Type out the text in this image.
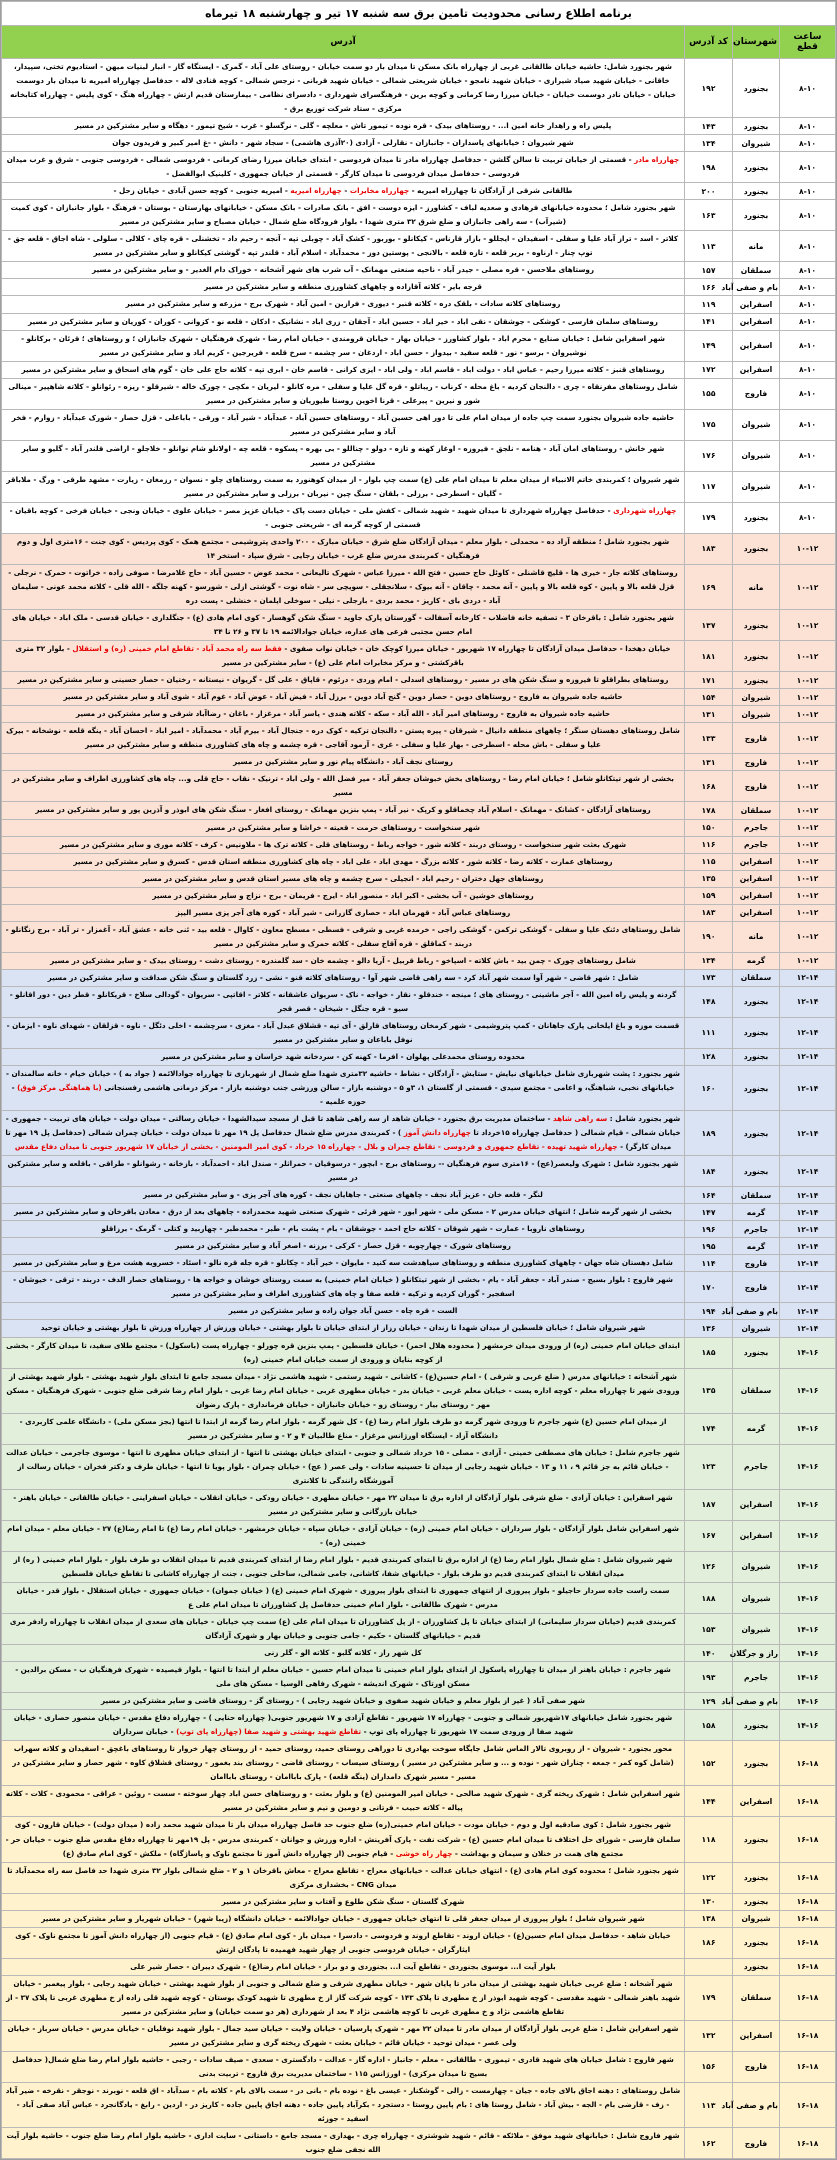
برنامه اطلاع رسانی محدودیت تامین برق سه شنبه ۱۷ تیر و چهارشنبه ۱۸ تیرماه			
ساعت قطع	شهرستان	کد آدرس	آدرس
۸-۱۰	بجنورد	۱۹۲	شهر بجنورد شامل: حاشیه خیابان طالقانی غربی از چهارراه بانک مسکن تا میدان بار دو سمت خیابان - روستای علی آباد - گمرک - ایستگاه گاز - انبار لبنیات میهن - استادیوم تختی، سپیدار، خاقانی - خیابان شهید صیاد شیرازی - خیابان شهید نامجو - خیابان شریعتی شمالی - خیابان شهید قربانی - نرجس شمالی - کوچه قنادی لاله - حدفاصل چهارراه امیریه تا میدان بار دوسمت خیابان - خیابان نادر دوسمت خیابان - خیابان میرزا رضا کرمانی و کوچه برین - فرهنگسرای شهرداری - دادسرای نظامی - بیمارستان قدیم ارتش - چهارراه هنگ - کوی پلیس - چهارراه کتابخانه مرکزی - ستاد شرکت توزیع برق -
۸-۱۰	بجنورد	۱۴۳	پلیس راه و راهدار خانه امین ا... - روستاهای بیدک - قره نوده - تیمور تاش - معلچه - گلی - نرگسلو - غرب - شیخ تیمور - دهگاه و سایر مشترکین در مسیر
۸-۱۰	شیروان	۱۳۴	شهر شیروان : خیابانهای پاسداران - جانبازان - نقارلی - آزادی (۲۰آذری هاشمی) - سجاد شهر - دانش - -غ امیر کبیر و فریدون جوان
۸-۱۰	بجنورد	۱۹۸	چهارراه مادر - قسمتی از خیابان تربیت تا سالن گلشن - حدفاصل چهارراه مادر تا میدان فردوسی - ابتدای خیابان میرزا رضای کرمانی - فردوسی شمالی - فردوسی جنوبی - شرق و غرب میدان فردوسی - حدفاصل میدان فردوسی تا میدان کارگر - قسمتی از خیابان جمهوری - کلینیک ابوالفضل -
۸-۱۰	بجنورد	۲۰۰	طالقانی شرقی از آزادگان تا چهارراه امیریه - چهارراه مخابرات - چهارراه امیریه - امیریه جنوبی - کوچه حسن آبادی - خیابان زحل -
۸-۱۰	بجنورد	۱۶۳	شهر بجنورد شامل ؛ محدوده خیابانهای فرهادی و صعدیه لباف - کشاورز - ایزه دوست - افق - بانک صادرات - بانک مسکن - خیابانهای بهارستان - بوستان - فرهنگ - بلوار جانبازان - کوی کمیت (شیرآب) - سه راهی جانبازان و ضلع شرق ۳۲ متری شهدا - بلوار فرودگاه ضلع شمال - خیابان مصباح و سایر مشترکین در مسیر
۸-۱۰	مانه	۱۱۳	کلاتر - اسد - تراز آباد علیا و سفلی - اسفیدان - ایجللو - بازار قارناس - کیکانلو - بوربور - کشک آباد - چوبلی تپه - آنجه - رحیم داد - تخشنلی - قره چای - کلالی - سلولی - شاه اجاق - قلعه جق - توپ چنار - ارناوه - بربر قلعه - تازه قلعه - بالانجی - پوستین دوز - محمدآباد - اسلام آباد - قلندر تپه - گوشتی کیکانلو و سایر مشترکین در مسیر
۸-۱۰	سملقان	۱۵۷	روستاهای ملاحسن - قره مصلی - جیدر آباد - ناحیه صنعتی مهمانک - آب شرب های شهر آشخانه - خوراک دام الغدیر - و سایر مشترکین در مسیر
۸-۱۰	بام و صفی آباد	۱۶۶	قرجه بایر - کلاته آقازاده و چاههای کشاورزی منطقه و سایر مشترکین در مسیر
۸-۱۰	اسفراین	۱۱۹	روستاهای کلاته سادات - بلقک دره - کلاته قنبر - دیوری - فرازین - امین آباد - شهرک برج - مزرعه و سایر مشترکین در مسیر
۸-۱۰	اسفراین	۱۴۱	روستاهای سلمان فارسی - کوشکی - جوشقان - نقی اباد - خیر اباد - حسین اباد - آجقان - زری اباد - نشانیک - ادکان - قلعه نو - کزوانی - کوران - کوریان و سایر مشترکین در مسیر
۸-۱۰	اسفراین	۱۴۹	شهر اسفراین شامل : خیابان صنایع - محرم اباد - بلوار کشاورز - خیابان بهار - خیابان قرومندی - خیابان امام رضا - شهرک فرهنگیان - شهرک جانبازان ؛ و روستاهای ؛ قرئان - برکانلو - نوشیروان - برسو - نور - قلعه سفید - بیدواز - حسن اباد - اردغان - سر چشمه - سرخ قلعه - فریرجین - کریم اباد و سایر مشترکین در مسیر
۸-۱۰	اسفراین	۱۷۲	روستاهای قنبز - کلاته میرزا رحیم - عباس اباد - دولت اباد - قاسم اباد - ولی اباد - ایزی کرانی - قاسم خان - ابری تپه - کلاته حاج علی خان - گوم های اسحاق و سایر مشترکین در مسیر
۸-۱۰	فاروج	۱۵۵	شامل روستاهای مفرنقاه - چری - دالنجان کردیه - باغ محله - کرناب - ریباتلو - قره گل علیا و سفلی - مره کانلو - لیریان - مکچی - چورک خاله - شیرقلو - ریزه - رئوانلو - کلاته شاهپیر - مینالی شور و نیرین - پیرعلی - قرنا اخوین روستا طیوریان و سایر مشترکین در مسیر
۸-۱۰	شیروان	۱۷۵	حاشیه جاده شیروان بجنورد سمت چپ جاده از میدان امام علی تا دور اهی حسین آباد - روستاهای حسین آباد - عبدآباد - شیر آباد - ورقی - باباعلی - قزل حصار - شورک عبدآباد - زوارم - فخر آباد و سایر مشترکین در مسیر
۸-۱۰	شیروان	۱۷۶	شهر خانش - روستاهای امان آباد - هنامه - نلجق - فیروزه - اوغاز کهنه و تازه - دولو - چناللو - بی بهره - پسکوه - قلعه چه - اولانلو شام نوانلو - خلاجلو - اراضی قلندر آباد - گلیو و سایر مشترکین در مسیر
۸-۱۰	شیروان	۱۱۷	شهر شیروان ؛ کمربندی خاتم الانبیاء از میدان معلم تا میدان امام علی (ع) سمت چپ بلوار - از میدان کوهنورد به سمت روستاهای چلو - نسوان - رزمغان - زیارت - مشهد طرقی - ورگ - ملاباقر - گلیان - اسطرخی - برزلی - بلقان - سنگ چین - نیربان - برزلی و سایر مشترکین در مسیر
۸-۱۰	بجنورد	۱۷۹	چهارراه شهرداری - حدفاصل چهارراه شهرداری تا میدان شهید - شهید شمالی - کفش ملی - خیابان دست پاک - خیابان عزیز مصر - خیابان علوی - خیابان ونجی - خیابان فرخی - کوچه باقیان - قسمتی از کوچه گرمه ای - شریعتی جنوبی -
۱۰-۱۲	بجنورد	۱۸۳	شهر بجنورد شامل ؛ منطقه آزاد ده - محمدلی - بلوار معلم - میدان آزادگان ضلع شرق - خیابان مبارک - ۲۰۰ واحدی پتروشیمی - مجتمع همک - کوی پردیس - کوی جنت - ۱۶متری اول و دوم فرهنگیان - کمربندی مدرس ضلع غرب - خیابان رجایی - شرق سپاد - استخر ۱۴
۱۰-۱۲	مانه	۱۶۹	روستاهای کلاته جار - خیری ها - قلیچ قاشنلی - کاوئل حاج حسین - فتح الله - میرزا عباس - شهرک تالیعانی - محمد عوض - حسین آباد - حاج غلامرضا - صوفی زاده - خراتوت - حمرک - نرجلی - قزل قلعه بالا و پایین - کوه قلعه بالا و پایین - آنه محمد - چاقان - آنه بیوک - سلانجقلی - سویچی سر - شاه نوت - گوشتی ازلی - شورسو - کهنه جلگه - الله قلی - کلاته محمد عونی - سلیمان آباد - دردی بای - کاریز - محمد بردی - بارجلی - نیلی - سوخلی ایلمان - خنشلی - پست دره
۱۰-۱۲	بجنورد	۱۳۷	شهر بجنورد شامل : باقرخان ۳ - تصفیه خانه فاضلاب - کارخانه آسفالت - گورستان پارک جاوید - سنگ شکن گوهسار - کوی امام هادی (ع) - جنگلداری - خیابان قدسی - ملک اباد - خیابان های امام حسن مجتبی فرعی های عداره، خیابان جوادالائمه ۱۹ تا ۳۷ و ۲۶ تا ۳۴
۱۰-۱۲	بجنورد	۱۸۱	خیابان دهخدا - حدفاصل میدان آزادگان تا چهارراه ۱۷ شهریور - خیابان میرزا کوچک خان - خیابان نواب صفوی - فقط سه راه محمد آباد - تقاطع امام خمینی (ره) و استقلال - بلوار ۳۲ متری باقرکشتی - و مرکز مخابرات امام علی (ع) - سایر مشترکین در مسیر
۱۰-۱۲	بجنورد	۱۷۱	روستاهای بطراقلو تا فیروزه و سنگ شکن های در مسیر - روستاهای اسدلی - امام وردی - درئوم - قاپاق - علی گل - گریوان - نیستانه - رختیان - حصار حسینی و سایر مشترکین در مسیر
۱۰-۱۲	شیروان	۱۵۴	حاشیه جاده شیروان به فاروج - روستاهای دوین - حصار دوین - گنج آباد دوین - برزل آباد - فیض آباد - عوض آباد - غوم آباد - شوی آباد و سایر مشترکین در مسیر
۱۰-۱۲	شیروان	۱۳۱	حاشیه جاده شیروان به فاروج - روستاهای امیر آباد - الله آباد - سکه - کلاته هندی - یاسر آباد - مرغزار - باغان - رضاآباد شرقی و سایر مشترکین در مسیر
۱۰-۱۲	فاروج	۱۳۳	شامل روستاهای دهستان سنگر ؛ چاههای منطقه دانیال - شیرقان - پیره پستن - دالنجان ترکیه - کوک دره - جنجال آباد - بیرم آباد - محمدآباد - امیر اباد - احسان آباد - ینگه قلعه - نوشخانه - بیرک علیا و سفلی - باش محله - اسطرخی - بهار علیا و سفلی - غری - آرمود آقاجی - قره چشمه و چاه های کشاورزی منطقه و سایر مشترکین در مسیر
۱۰-۱۲	فاروج	۱۳۱	روستای نجف آباد - دانشگاه پیام نور و سایر مشترکین در مسیر
۱۰-۱۲	فاروج	۱۶۸	بخشی از شهر تیتکانلو شامل ؛ خیابان امام رضا - روستاهای بخش خبوشان جعفر آباد - میر فضل الله - ولی اباد - ترنیک - نقاب - حاج قلی و... چاه های کشاورزی اطراف و سایر مشترکین در مسیر
۱۰-۱۲	سملقان	۱۷۸	روستاهای آزادگان - کشانک - مهمانک - اسلام آباد چخماقلو و کرپک - نیر آباد - پمپ بنزین مهمانک - روستای افغار - سنگ شکن های ابوذر و آذرین پور و سایر مشترکین در مسیر
۱۰-۱۲	جاجرم	۱۵۰	شهر سنخواست - روستاهای حرمت - قعیته - خراشا و سایر مشترکین در مسیر
۱۰-۱۲	جاجرم	۱۱۶	شهرک بعثت شهر سنخواست - روستای دربند - کلاته شور - خواجه رباط - روستاهای قلی - کلاته ترک ها - ملاونیس - کرف - کلاته موری و سایر مشترکین در مسیر
۱۰-۱۲	اسفراین	۱۱۵	روستاهای عمارت - کلاته رضا - کلاته شور - کلاته بزرگ - مهدی اباد - علی اباد - چاه های کشاورزی منطقه استان قدس - کسرق و سایر مشترکین در مسیر
۱۰-۱۲	اسفراین	۱۳۵	روستاهای جهل دختران - رحیم اباد - انجیلی - سرخ چشمه و چاه های مسیر استان قدس و سایر مشترکین در مسیر
۱۰-۱۲	اسفراین	۱۵۹	روستاهای خوشین - آب بخشی - اکبر اباد - منصور اباد - ایرج - فریمان - برج - نزاج و سایر مشترکین در مسیر
۱۰-۱۲	اسفراین	۱۸۳	روستاهای عباس آباد - قهرمان اباد - حصاری گازرانی - شیر آباد - کوره های آجر پزی مسیر الیپز
۱۰-۱۲	مانه	۱۹۰	شامل روستاهای دئنک علیا و سفلی - گوشکی ترکمن - گوشکی راجی - خرمده غربی و شرقی - فسطی - مسطح معاون - کاوال - قلعه بید - ئنی خانه - عشق آباد - آغمزار - تر آباد - برج زنگانلو - دربند - کماقلق - قره آقاج سفلی - کلاته حمرک و سایر مشترکین در مسیر
۱۰-۱۲	گرمه	۱۳۴	شامل روستاهای چورک - چمن بید - باش کلاته - اسپاخو - رباط قربیل - آریا دالو - چشمه خان - سد گلمندره - روستای دشت - روستای بیدک - و سایر مشترکین در مسیر
۱۲-۱۴	سملقان	۱۷۳	شامل : شهر قاضی - شهر آوا سمت شهر آباد کرد - سه راهی قاضی شهر آوا - روستاهای کلاته قنو - نشی - زرد گلستان و سنگ شکن صداقت و سایر مشترکین در مسیر
۱۲-۱۴	بجنورد	۱۴۸	گردنه و پلیس راه امین الله - آجر ماشینی - روستای های ؛ مینجه - خندقلو - نقار - خواجه - ناک - سریوان عاشقانه - کلاتر - اقاتپی - سریوان - گودالی سلاخ - قریکانلو - قطر دین - دور اقانلو - سیو - قره جنگل - شیخان - قصر قجر
۱۲-۱۴	بجنورد	۱۱۱	قسمت موزه و باغ ایلخانی پارک جاهانان - کمپ پتروشیمی - شهر کرمخان روستاهای قارلق - آی تپه - قشلاق عبدل آباد - مغزی - سرچشمه - اخلی دئگل - ناوه - قزلقان - شهدای ناوه - ایزمان - نوفل باباعان و سایر مشترکین در مسیر
۱۲-۱۴	بجنورد	۱۲۸	محدوده روستای محمدعلی پهلوان - افرما - کهنه کن - سردخانه شهد خراسان و سایر مشترکین در مسیر
۱۲-۱۴	بجنورد	۱۶۰	شهر بجنورد : پشت شهربازی شامل خیابانهای نیایش - ستایش - آزادگان - نشاط - حاشیه ۳۲متری شهدا ضلع شمال از شهربازی تا چهارراه جوادالائمه ( جواد به ) - خیابان خیام - خانه سالمندان - خیابانهای نخبی، شباهنگ، و اعامی - مجتمع سیدی - قسمتی از گلستان ۱، ۳و ۵ - دوشنبه بازار - سالن ورزشی جنب دوشنبه بازار - مرکز درمانی هاشمی رفسنجانی (با هماهنگی مرکز فوق) - حوزه علمیه -
۱۲-۱۴	بجنورد	۱۸۹	شهر بجنورد شامل : سه راهی شاهد - ساختمان مدیریت برق بجنورد - خیابان شاهد از سه راهی شاهد تا قبل از مسجد سیدالشهدا - خیابان رسالتی - میدان دولت - خیابان های تربیت - جمهوری - خیابان شمالی - قیام شمالی ( حدفاصل چهارراه ۱۵خرداد تا چهارراه دانش آموز ) - کمربندی مدرس ضلع شمال حدفاصل پل ۱۹ مهر تا میدان دولت - خیابان چمران شمالی (حدفاصل پل ۱۹ مهر تا میدان کارگر) - چهارراه شهید تهیده - تقاطع جمهوری و فردوسی - تقاطع چمران و بلال - چهارراه ۱۵ خرداد - کوی امیر المومنین - بخشی از خیابان ۱۷ شهریور جنوبی تا میدان دفاع مقدس
۱۲-۱۴	بجنورد	۱۸۴	شهر بجنورد شامل : شهرک ولیعصر(عج) - ۱۶متری سوم فرهنگیان -- روستاهای برج - ابچور - درسوقیان - حمراثلر - صندل اباد - احمدآباد - بازخانه - رشوانلو - طراقی - باقلعه و سایر مشترکین در مسیر
۱۲-۱۴	سملقان	۱۶۴	لنگر - قلعه خان - عزیز آباد نجف - چاههای صنعتی - جاهایان نجف - کوره های آجر پزی - و سایر مشترکین در مسیر
۱۲-۱۴	گرمه	۱۴۷	بخشی از شهر گرمه شامل ؛ انتهای خیابان مدرس ۲ - مسکن ملی - شهر ایور - شهر قرئی - شهرک صنعتی شهید محمدزاده - چاههای بعد از درق - معادن باقرخان و سایر مشترکین در مسیر
۱۲-۱۴	جاجرم	۱۹۶	روستاهای ناروبا - عمارت - شهر شوقان - کلاته حاج احمد - جوشقان - بام - پشت بام - طبر - محمدطبر - چهاربید و کتلی - گرمک - برزاقلو
۱۲-۱۴	گرمه	۱۹۵	روستاهای شورک - چهارچوبه - قزل حصار - کرکی - برزنه - اصغر آباد و سایر مشترکین در مسیر
۱۲-۱۴	فاروج	۱۱۴	شامل دهستان شاه جهان - چاههای کشاورزی منطقه و روستاهای سیاهدشت سه کنید - مایوان - خیر آباد - چکانلو - قره جله قره نالو - اسئاد - خسرویه هشت مرغ و سایر مشترکین در مسیر
۱۲-۱۴	فاروج	۱۷۰	شهر فاروج : بلوار بسیج - صندر آباد - جعفر آباد - یام - بخشی از شهر تیتکانلو ( خیابان امام خمینی) به سمت روستای خوشان و خواجه ها - روستاهای حصار الدف - دربند - ترقی - خیوشان - اسفجیر - گوران کردیه و ترکیه - قلعه صفا و چاه های کشاورزی اطراف و سایر مشترکین در مسیر
۱۲-۱۴	بام و صفی آباد	۱۹۴	الست - قره چاه - حسن آباد جوان زاده و سایر مشترکین در مسیر
۱۲-۱۴	شیروان	۱۳۶	شهر شیروان شامل ؛ خیابان فلسطین از میدان شهدا تا زندان - خیابان رزاز از ابتدای خیابان تا بلوار بهشتی - خیابان ورزش از چهارراه ورزش تا بلوار بهشتی و خیابان توحید
۱۴-۱۶	بجنورد	۱۸۵	ابتدای خیابان امام خمینی (ره) از ورودی میدان خرمشهر ( محدوده هلال احمر) - خیابان فلسطین - پمپ بنزین قره چورلو - چهارراه پست (باسکول) - مجتمع طلای سفید، تا میدان کارگر - بخشی از کوچه بنایان و ورودی از سمت خیابان امام خمینی (ره)
۱۴-۱۶	سملقان	۱۳۵	شهر آشخانه : خیابانهای مدرس ( ضلع غربی و شرقی ) - امام حسین(ع) - کاشانی - شهید رستمی - شهید هاشمی نژاد - میدان مسجد جامع تا ابتدای بلوار شهید بهشتی - بلوار شهید بهشتی از ورودی شهر تا چهارراه معلم - کوچه اداره پست - خیابان معلم غربی - خیابان بدر - خیابان مطهری غربی - خیابان امام رضا غربی - بلوار امام رضا شرقی ضلع جنوبی - شهرک فرهنگیان - مسکن مهر - روستای بیار - روستای زو - خیابان جانبازان - خیابان فرمانداری - پارک رضوان
۱۴-۱۶	گرمه	۱۷۴	از میدان امام حسین (ع) شهر جاجرم تا ورودی شهر گرمه دو طرف بلوار امام رضا (ع) - کل شهر گرمه - بلوار امام رضا گرمه از ابتدا تا انتها (بجز مسکن ملی) - دانشگاه علمی کاربردی - دانشگاه آزاد - ایستگاه اورژانس مرغزار - مناع طالبیان ۴ و ۲ - و سایر مشترکین در مسیر
۱۴-۱۶	جاجرم	۱۲۳	شهر جاجرم شامل : خیابان های مصطفی خمینی - آزادی - مصلی - ۱۵ خرداد شمالی و جنوبی - ابتدای خیابان بهشتی تا انتها - از ابتدای خیابان مطهری تا انتها - موسوی جاجرمی - خیابان عدالت - خیابان قائم به جز قائم ۹ ، ۱۱ و ۱۳ - خیابان شهید رجایی از میدان تا حسینیه سادات - ولی عصر ( عج) - خیابان چمران - بلوار پویا تا انتها - خیابان طرف و دکتر فخران - خیابان رسالت از آموزشگاه رانندگی تا کلانتری
۱۴-۱۶	اسفراین	۱۸۷	شهر اسفراین : خیابان آزادی - ضلع شرقی بلوار آزادگان از اداره برق تا میدان ۲۲ مهر - خیابان مطهری - خیابان رودکی - خیابان انقلاب - خیابان اسفراینی - خیابان طالقانی - خیابان باهنر - خیابان بازرگانی و سایر مشترکین در مسیر
۱۴-۱۶	اسفراین	۱۶۷	شهر اسفراین شامل بلوار آزادگان - بلوار سرداران - خیابان امام خمینی (ره) - خیابان آزادی - خیابان سپاه - خیابان خرمشهر - خیابان امام رضا (ع) تا امام رضا(ع) ۲۷ - خیابان معلم - میدان امام خمینی (ره) -
۱۴-۱۶	شیروان	۱۲۶	شهر شیروان شامل : ضلع شمال بلوار امام رضا (ع) از اداره برق تا ابتدای کمربندی قدیم - بلوار امام رضا از ابتدای کمربندی قدیم تا میدان انقلاب دو طرف بلوار - بلوار امام خمینی ( ره) از میدان انقلاب تا ابتدای کمربندی قدیم دو طرف بلوار - خیابانهای شفا، کاشانی، جامی شمالی، ساحلی جنوبی ، جنت از چهارراه کاشانی تا تقاطع خیابان فلسطین
۱۴-۱۶	شیروان	۱۸۸	سمت راست جاده سردار حاجیلو - بلوار پیروزی از انتهای جمهوری تا ابتدای بلوار پیروزی - شهرک امام خمینی (ع) ( خیابان جموان) - خیابان جمهوری - خیابان استقلال - بلوار قدر - خیابان مدرس - شهرک طالقانی - بلوار امام خمینی حدفاصل پل کشاورزان تا میدان امام علی ع
۱۴-۱۶	شیروان	۱۵۳	کمربندی قدیم (خیابان سردار سلیمانی) از ابتدای خیابان تا پل کشاورزان - از پل کشاورزان تا میدان امام علی (ع) سمت چپ خیابان - خیابان های سعدی از میدان انقلاب تا چهارراه رادفر مری قدیم - خیابانهای گلستان - حکیم - جامی جنوبی و خیابان بهار و شهرک آزادگان
۱۴-۱۶	راز و جرگلان	۱۴۰	کل شهر راز - کلاته گلبو - کلاته الو - گلر زنی
۱۴-۱۶	جاجرم	۱۹۳	شهر جاجرم : خیابان باهنر از میدان تا چهارراه پاسکول از ابتدای بلوار امام خمینی تا میدان امام حسین - خیابان معلم از ابتدا تا انتها - بلوار قیصیده - شهرک فرهنگیان ب - مسکن برالدین - مسکن اورتاک - شهرک اندیشه - شهرک رفاهی الوسیا - مسکن های ملی
۱۴-۱۶	بام و صفی آباد	۱۲۹	شهر صفی آباد ( غیر از بلوار معلم و خیابان شهید صفوی و خیابان شهید رجایی ) - روستای گز - روستای قاضی و سایر مشترکین در مسیر
۱۴-۱۶	بجنورد	۱۵۸	شهر بجنورد شامل خیابانهای ۱۷شهریور شمالی و جنوبی - چهارراه ۱۷ شهریور - تقاطع آزادی و ۱۷ شهریور جنوبی( چهارراه حنایی ) - چهارراه دفاع مقدس - خیابان منصور حصاری - خیابان شهید صفا از ورودی سمت ۱۷ شهریور تا چهارراه پای توپ - تقاطع شهید بهشتی و شهید صفا (چهارراه پای توپ) - خیابان سرداران
۱۶-۱۸	بجنورد	۱۵۲	محور بجنورد - شیروان - از روبروی تالار الماس شامل جایگاه سوخت بهادری تا دوراهی روستای حمید، روستای حمید - از روستای چهار خروار تا روستاهای باغچق - اسفیدان و کلاته سهراب (شامل کوه کمر - جمعه - چناران شهر - نوده و ... و سایر مشترکین در مسیر ) روستای سیساب - روستای قاضی - روستای بند بغمور - روستای قشلاق کاوه - شهر حصار و سایر مشترکین در مسیر - مسیر شهرک دامداران (ینگه قلعه) - پارک باباامان - روستای باباامان
۱۶-۱۸	اسفراین	۱۴۴	شهر اسفراین شامل : شهرک ریخته گری - شهرک شهید صالحی - خیابان امیر المومنین (ع) و بلوار بعثت - و روستاهای حسن اباد چهار سوخته - سست - روئین - عراقی - محمودی - کلات - کلاته پیاله - کلاته حبیب - فرتانی و دومین و نیم و سایر مشترکین در مسیر
۱۶-۱۸	بجنورد	۱۱۸	شهر بجنورد شامل : کوی صادقیه اول و دوم - خیابان مودت - خیابان امام خمینی(ره) ضلع جنوب حد فاصل چهارراه میدان بار تا میدان شهید محمد زاده ( میدان دولت) - خیابان قارون - کوی سلمان فارسی - شورای حل اختلاف تا میدان امام حسین (ع) - شرکت نفت - پارک آفرینش - اداره ورزش و جوانان - کمربندی مدرس - پل ۱۹مهر تا چهارراه دفاع مقدس ضلع جنوب - خیابان حر - مجتمع های همت در خنلان و سیمان و بهداشت - چهار راه خوشی - قیام جنوبی (از چهارراه دانش آموز تا مجتمع ناوک و پاساژگاه) - ملکش - کوی امام صادق (ع)
۱۶-۱۸	بجنورد	۱۲۲	شهر بجنورد شامل ؛ محدوده کوی امام هادی (ع) - انتهای خیابان عدالت - خیابانهای معراج - تقاطع معراج - معاش باقرخان ۱ و ۲ - ضلع شمالی بلوار ۳۲ متری شهدا حد فاصل سه راه محمدآباد تا میدان CNG - بخشداری مرکزی
۱۶-۱۸	بجنورد	۱۳۰	شهرک گلستان - سنگ شکن طلوع و آفتاب و سایر مشترکین در مسیر
۱۶-۱۸	شیروان	۱۳۸	شهر شیروان شامل ؛ بلوار پیروزی از میدان جعفر قلی تا انتهای خیابان جمهوری - خیابان جوادالائمه - خیابان دانشگاه (زیبا شهر) - خیابان شهریار و سایر مشترکین در مسیر
۱۶-۱۸	بجنورد	۱۸۶	خیابان شاهد - حدفاصل میدان امام حسین(ع) - خیابان اروند - تقاطع اروند و فردوسی - دادسرا - میدان بار - کوی امام صادق (ع) - قیام جنوبی (از چهارراه دانش آموز تا مجتمع ناوک - کوی ایثارگران - خیابان فردوسی جنوبی از چهار شهید فهمیده تا پادگان ارتش
۱۶-۱۸	بجنورد		بلوار آیت ا... موسوی بجنوردی - تقاطع آیت ا... بجنوردی و دو براز - خیابان امام رضا(ع) - شهرک دیبران - حصار شیر علی
۱۶-۱۸	سملقان	۱۷۹	شهر آشخانه : ضلع غربی خیابان شهید بهشتی از میدان مادر تا پایان شهر - خیابان مطهری شرقی و ضلع شمالی و جنوبی از بلوار شهید بهشتی - خیابان شهید رجایی - بلوار پیغمبر - خیابان شهید باهنر شمالی - شهید مقدسی - کوچه شهید ابوذر از خ مطهری تا پلاک ۱۴۳ - کوچه شرکت گاز از خ مطهری تا شهید کودک بوستان - کوچه شهید قلی زاده از خ مطهری غربی تا پلاک ۳۷ - از تقاطع هاشمی نژاد و خ مطهری غربی تا کوچه هاشمی نژاد ۴ بعد از شهرداری (هر دو سمت خیابان) و سایر مشترکین در مسیر
۱۶-۱۸	اسفراین	۱۳۲	شهر اسفراین شامل : ضلع غربی بلوار آزادگان از میدان مادر تا میدان ۲۲ مهر - شهرک پارسیان - خیابان ولایت - خیابان سید جمال - بلوار شهید نوفلیان - خیابان مدرس - خیابان سرباز - خیابان ولی عصر - میدان توحید - خیابان قائم - خیابان بعثت - شهرک ریخته گری و سایر مشترکین در مسیر
۱۶-۱۸	فاروج	۱۵۶	شهر فاروج : شامل خیابان های شهید قادری - تیموری - طالقانی - معلم - جانباز - اداره گاز - عدالت - دادگستری - سعدی - صیف سادات - رجبی - حاشیه بلوار امام رضا ضلع شمال( حدفاصل بسیج تا میدان مرکزی) - اورژانس ۱۱۵ - ساختمان مدیریت برق فاروج - تربیت بدنی
۱۶-۱۸	بام و صفی آباد	۱۱۳	شامل روستاهای : دهنه اجاق بالای جاده - جیان - چهارمست - زالی - گوشکنار - عیسی باغ - نوده بام - بانی در - سمت بالای بام - کلاته بام - سدآباد - اق قلعه - نوبرند - نوجقر - نقرخه - ضیر آباد - زف - قارضی بام - الجه - بیش آباد - شامل روستا های : بام پایین روستا - دستجرد - بکرآباد پایین جاده - دهنه اجاق پایین جاده - کاریز در - اردین - رابغ - یادگانجرد - عباس آباد صفی آباد - اسفید - جوزئه
۱۶-۱۸	فاروج	۱۶۲	شهر فاروج شامل : خیابانهای شهید موفق - ملائکه - قائم - شهید شوشتری - چهارراه چری - بهداری - مسجد جامع - داستانی - سایت اداری - حاشیه بلوار امام رضا ضلع جنوب - حاشیه بلوار آیت الله نجفی ضلع جنوب
